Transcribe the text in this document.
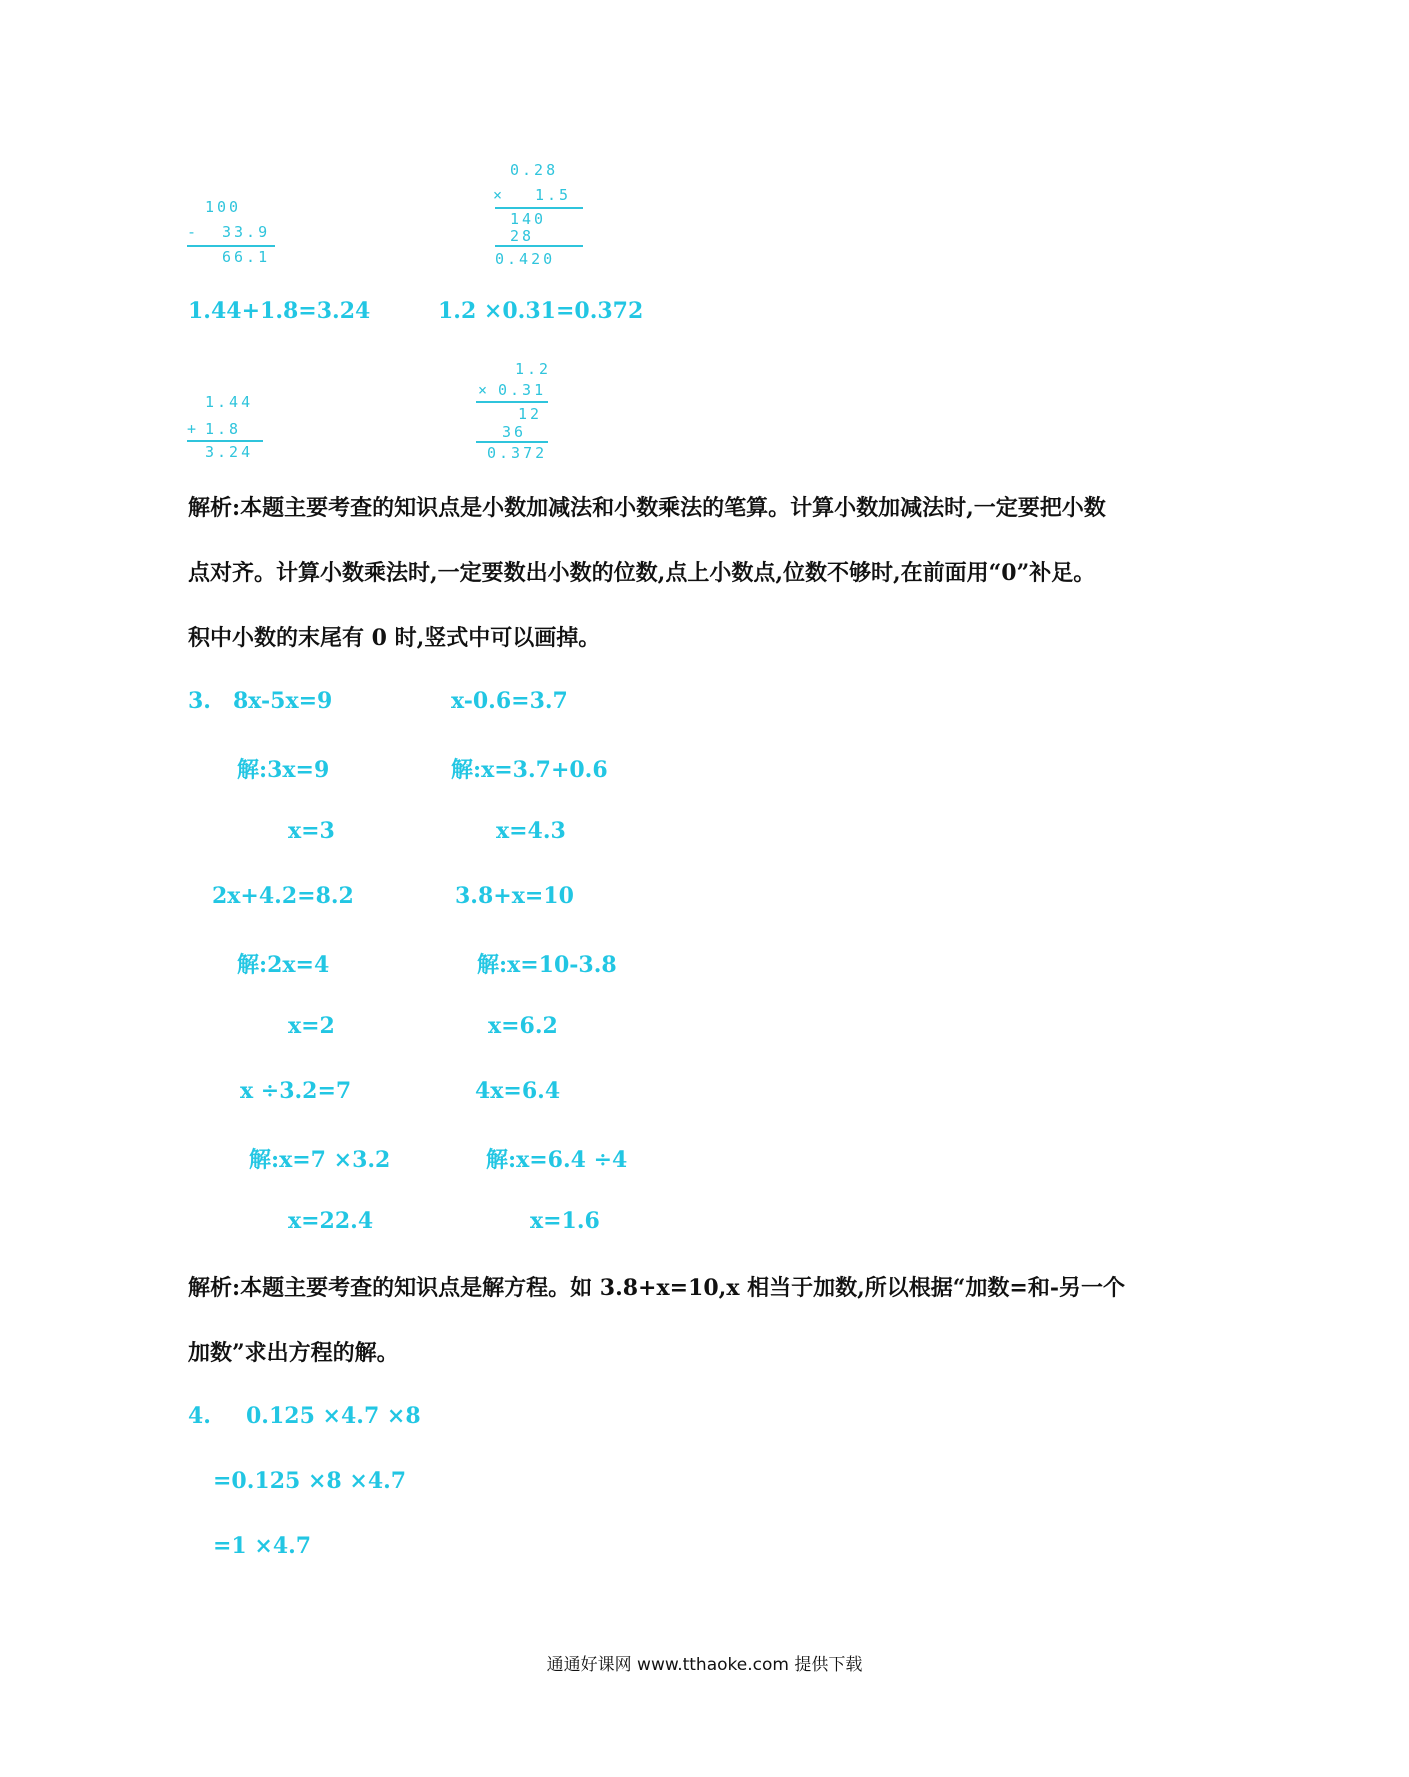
100
- 33.9
66.1
0.28
× 1.5
140
28
0.420
1.44+1.8=3.24	1.2 ×0.31=0.372
1.44
+ 1.8
3.24
1.2
× 0.31
12
36
0.372
解析:本题主要考查的知识点是小数加减法和小数乘法的笔算。计算小数加减法时,一定要把小数
点对齐。计算小数乘法时,一定要数出小数的位数,点上小数点,位数不够时,在前面用“0”补足。
积中小数的末尾有 0 时,竖式中可以画掉。
3. 8x-5x=9	x-0.6=3.7
解:3x=9	解:x=3.7+0.6
x=3	x=4.3
2x+4.2=8.2	3.8+x=10
解:2x=4	解:x=10-3.8
x=2	x=6.2
x ÷3.2=7	4x=6.4
解:x=7 ×3.2	解:x=6.4 ÷4
x=22.4	x=1.6
解析:本题主要考查的知识点是解方程。如 3.8+x=10,x 相当于加数,所以根据“加数=和-另一个
加数”求出方程的解。
4. 0.125 ×4.7 ×8
=0.125 ×8 ×4.7
=1 ×4.7
通通好课网 www.tthaoke.com 提供下载
